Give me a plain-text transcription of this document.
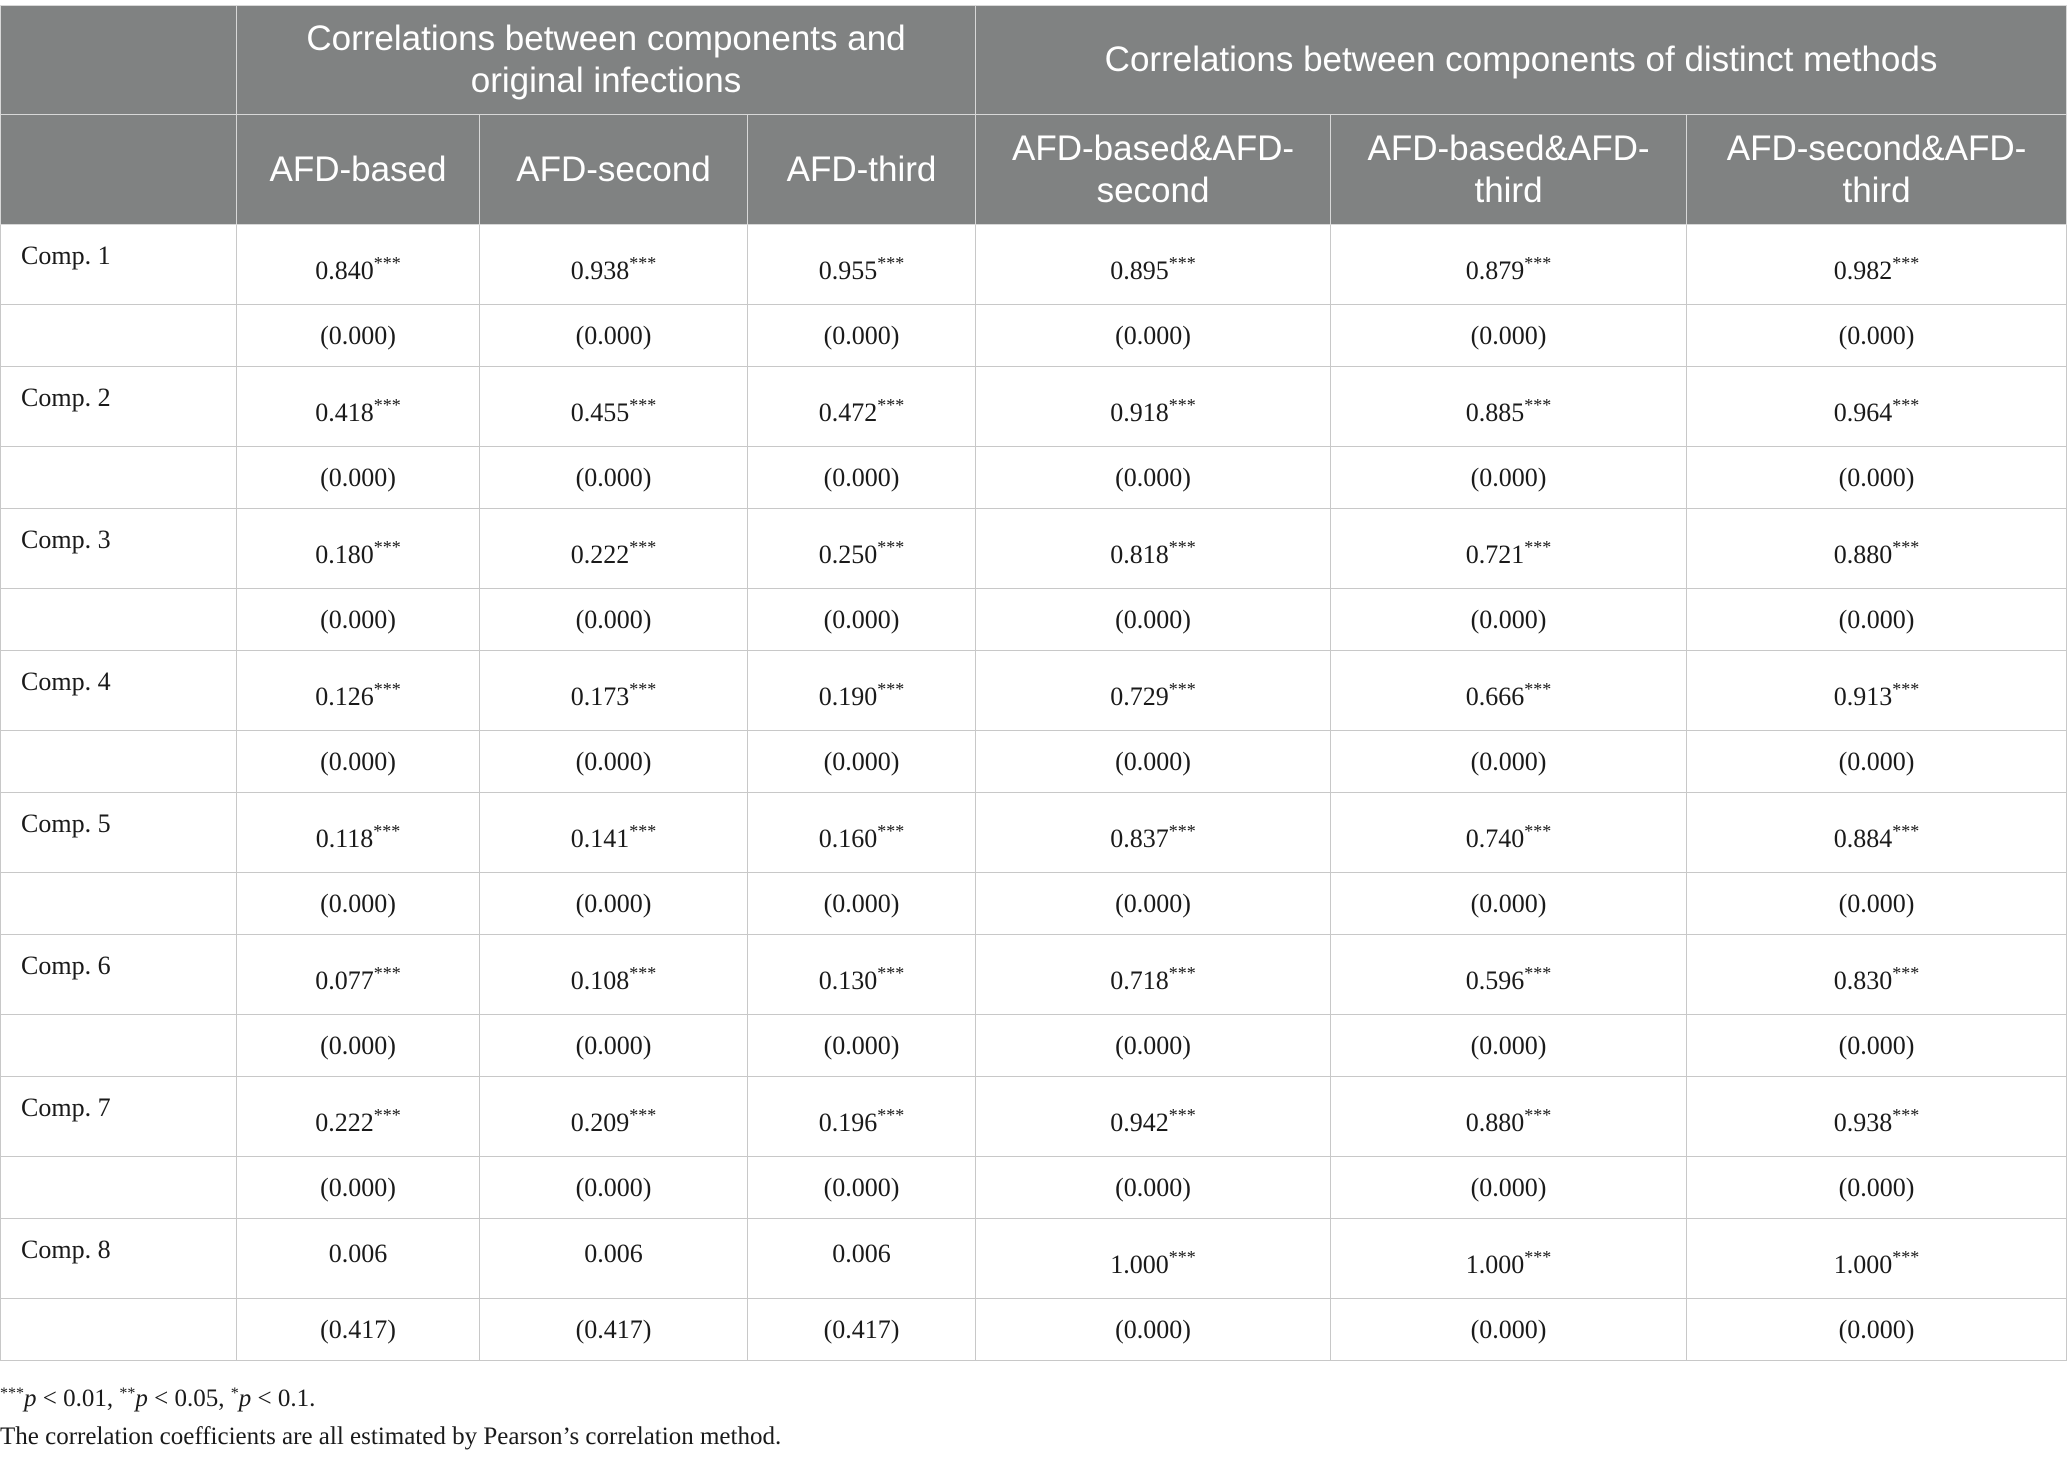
	Correlations between components and original infections			Correlations between components of distinct methods		
	AFD-based	AFD-second	AFD-third	AFD-based&AFD-second	AFD-based&AFD-third	AFD-second&AFD-third
Comp. 1	0.840***	0.938***	0.955***	0.895***	0.879***	0.982***
	(0.000)	(0.000)	(0.000)	(0.000)	(0.000)	(0.000)
Comp. 2	0.418***	0.455***	0.472***	0.918***	0.885***	0.964***
	(0.000)	(0.000)	(0.000)	(0.000)	(0.000)	(0.000)
Comp. 3	0.180***	0.222***	0.250***	0.818***	0.721***	0.880***
	(0.000)	(0.000)	(0.000)	(0.000)	(0.000)	(0.000)
Comp. 4	0.126***	0.173***	0.190***	0.729***	0.666***	0.913***
	(0.000)	(0.000)	(0.000)	(0.000)	(0.000)	(0.000)
Comp. 5	0.118***	0.141***	0.160***	0.837***	0.740***	0.884***
	(0.000)	(0.000)	(0.000)	(0.000)	(0.000)	(0.000)
Comp. 6	0.077***	0.108***	0.130***	0.718***	0.596***	0.830***
	(0.000)	(0.000)	(0.000)	(0.000)	(0.000)	(0.000)
Comp. 7	0.222***	0.209***	0.196***	0.942***	0.880***	0.938***
	(0.000)	(0.000)	(0.000)	(0.000)	(0.000)	(0.000)
Comp. 8	0.006	0.006	0.006	1.000***	1.000***	1.000***
	(0.417)	(0.417)	(0.417)	(0.000)	(0.000)	(0.000)

***p < 0.01, **p < 0.05, *p < 0.1.

The correlation coefficients are all estimated by Pearson’s correlation method.
